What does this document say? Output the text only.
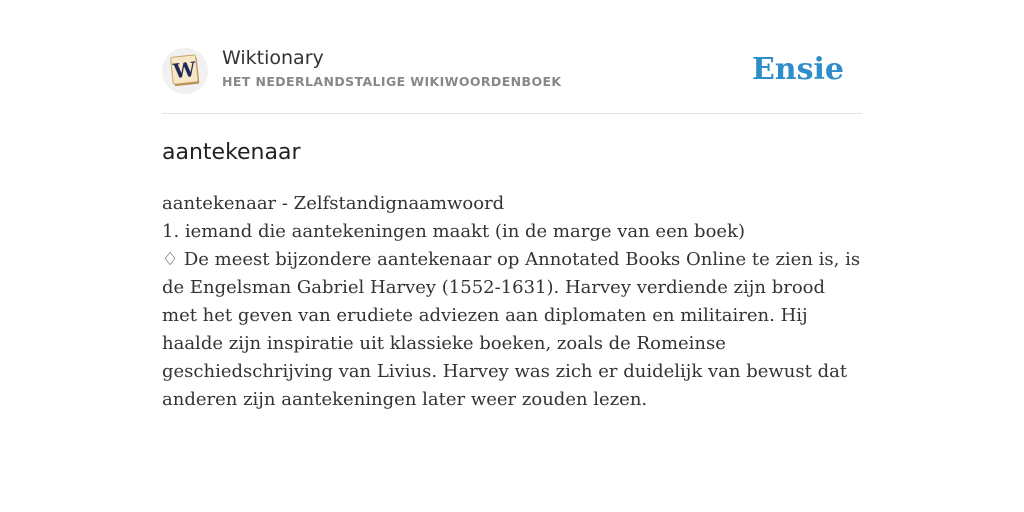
W Wiktionary
HET NEDERLANDSTALIGE WIKIWOORDENBOEK	Ensie
aantekenaar

aantekenaar - Zelfstandignaamwoord

1. iemand die aantekeningen maakt (in de marge van een boek)

♢ De meest bijzondere aantekenaar op Annotated Books Online te zien is, is de Engelsman Gabriel Harvey (1552-1631). Harvey verdiende zijn brood met het geven van erudiete adviezen aan diplomaten en militairen. Hij haalde zijn inspiratie uit klassieke boeken, zoals de Romeinse geschiedschrijving van Livius. Harvey was zich er duidelijk van bewust dat anderen zijn aantekeningen later weer zouden lezen.
